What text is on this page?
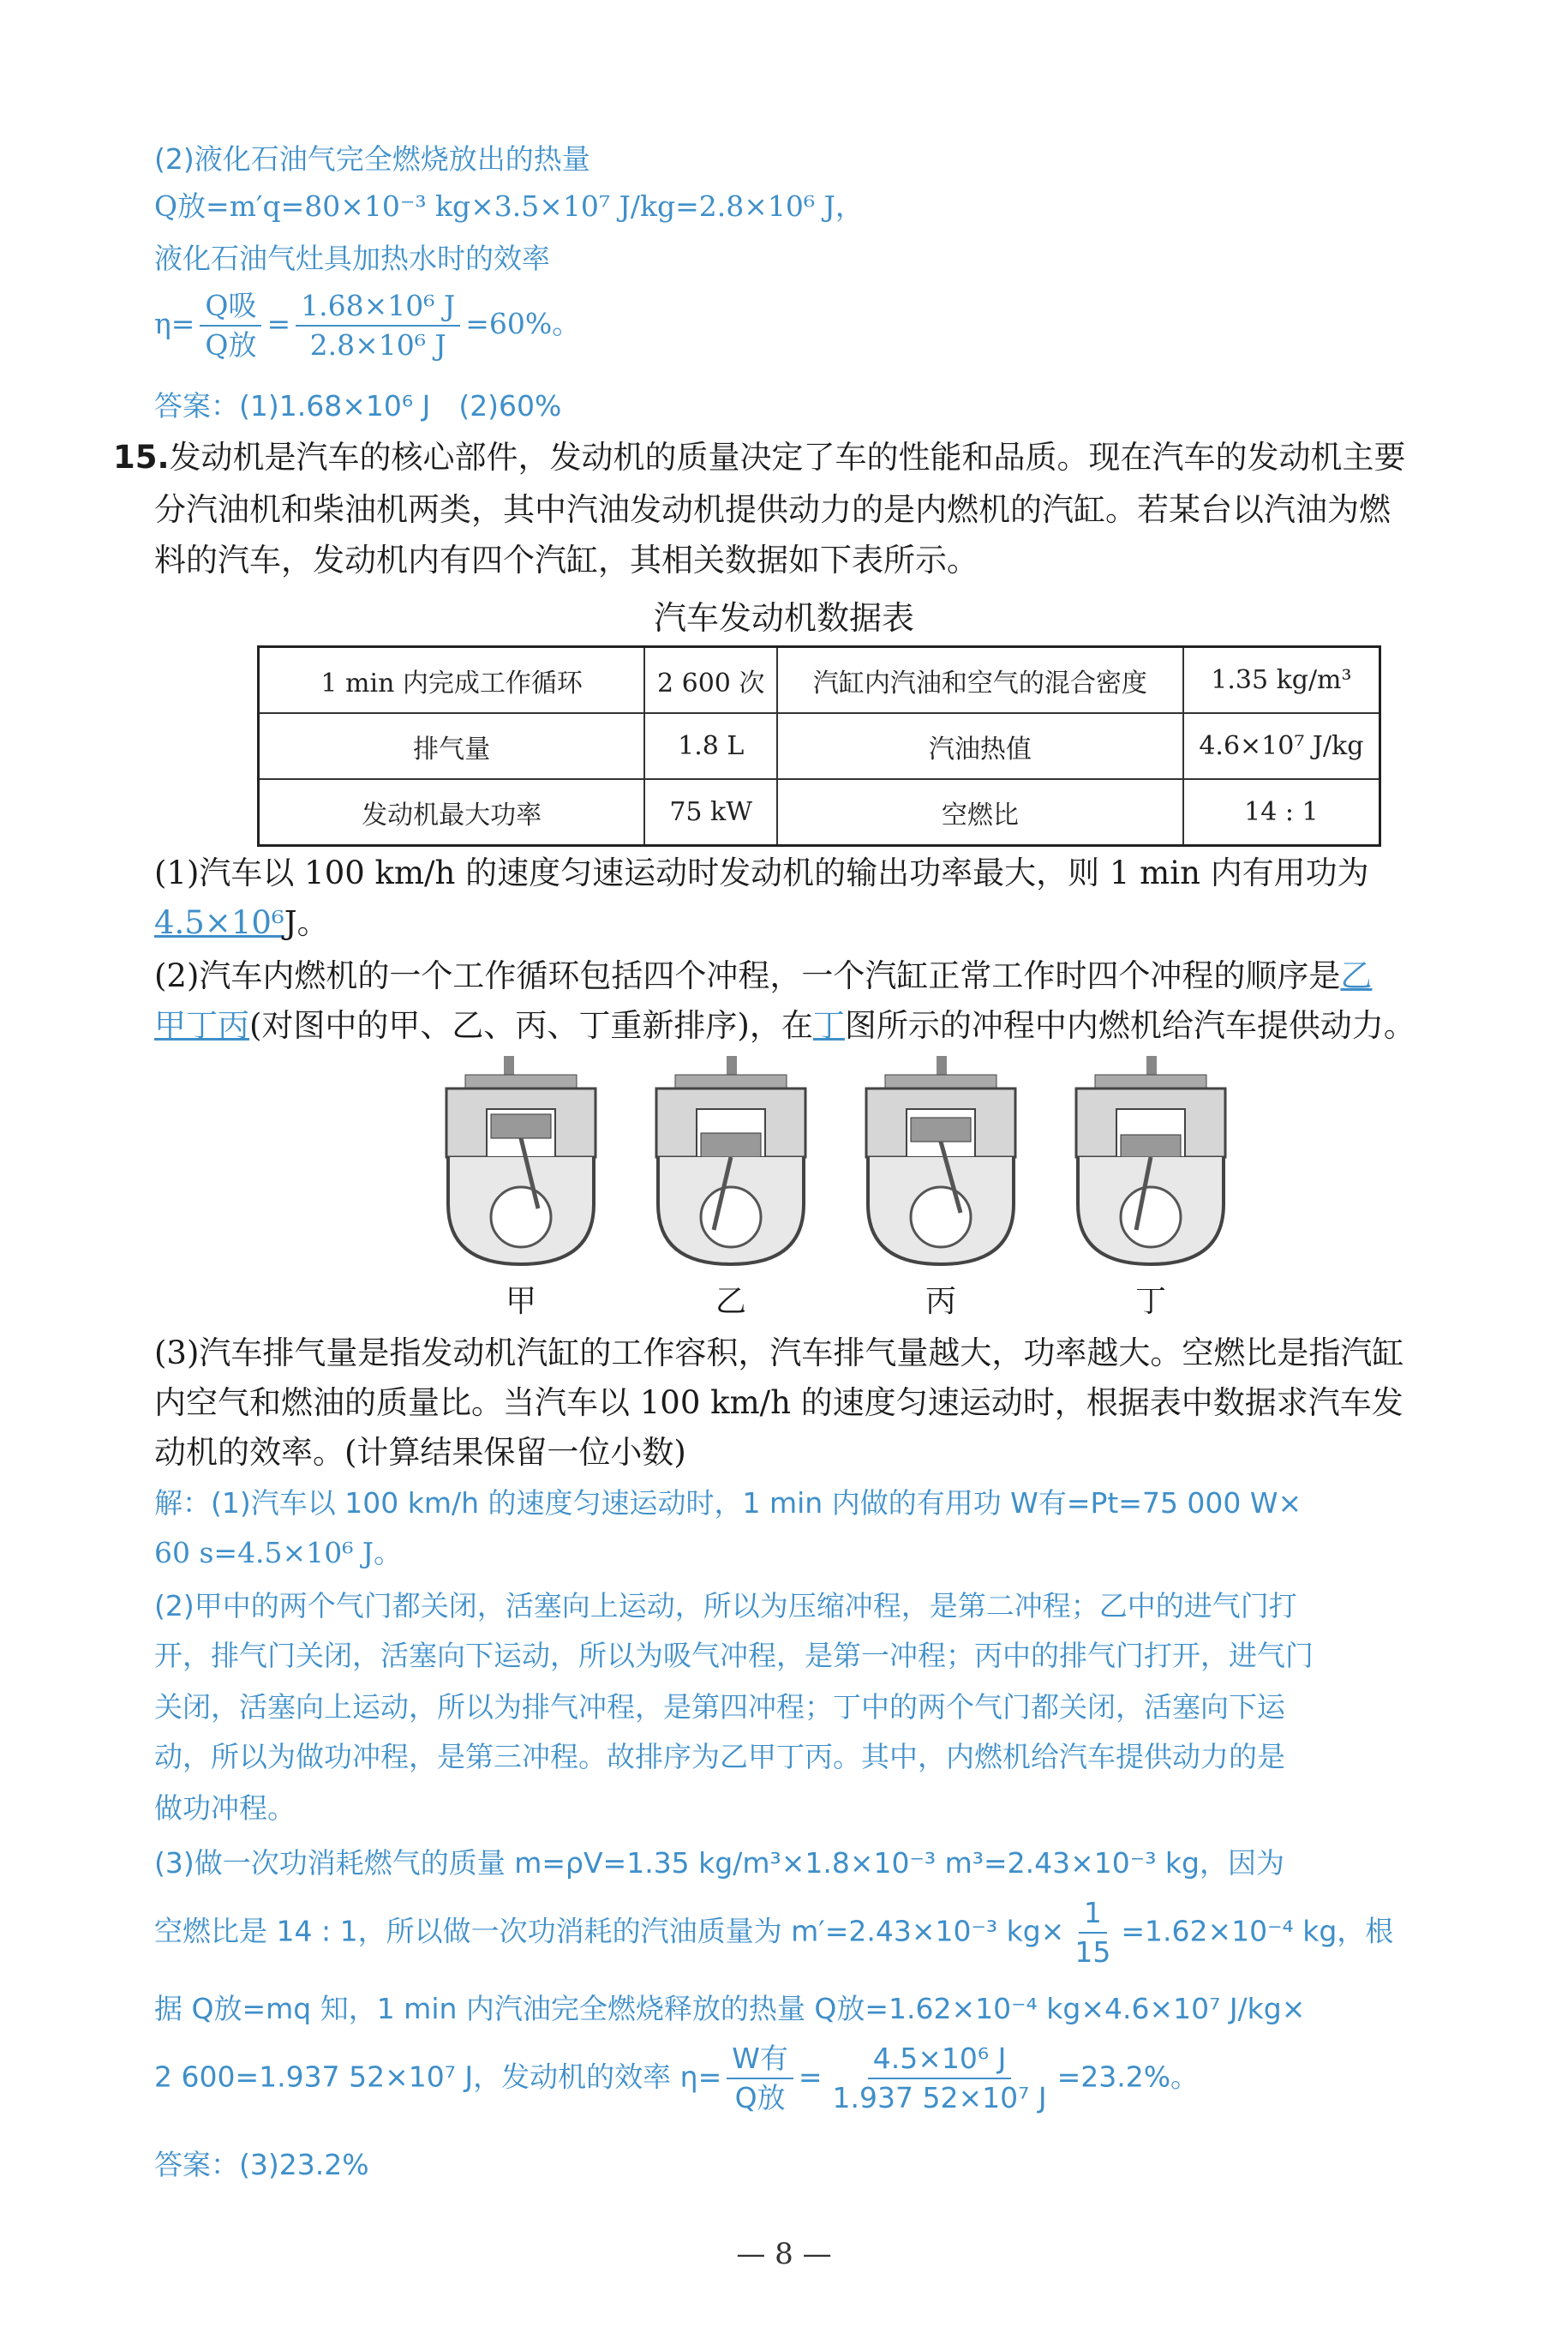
(2)液化石油气完全燃烧放出的热量
Q放=m′q=80×10⁻³ kg×3.5×10⁷ J/kg=2.8×10⁶ J，
液化石油气灶具加热水时的效率
$\eta= \frac{\text{Q吸}}{\text{Q放}} = \frac{\text{1.68×10⁶ J}}{\text{2.8×10⁶ J}} =60\%$。
答案：(1)1.68×10⁶ J　(2)60%
15.发动机是汽车的核心部件，发动机的质量决定了车的性能和品质。现在汽车的发动机主要
分汽油机和柴油机两类，其中汽油发动机提供动力的是内燃机的汽缸。若某台以汽油为燃
料的汽车，发动机内有四个汽缸，其相关数据如下表所示。
汽车发动机数据表
1 min 内完成工作循环	2 600 次	汽缸内汽油和空气的混合密度	1.35 kg/m³
排气量	1.8 L	汽油热值	4.6×10⁷ J/kg
发动机最大功率	75 kW	空燃比	14 : 1
(1)汽车以 100 km/h 的速度匀速运动时发动机的输出功率最大，则 1 min 内有用功为
4.5×10⁶J。
(2)汽车内燃机的一个工作循环包括四个冲程，一个汽缸正常工作时四个冲程的顺序是乙
甲丁丙(对图中的甲、乙、丙、丁重新排序)，在丁图所示的冲程中内燃机给汽车提供动力。
甲	乙	丙	丁
(3)汽车排气量是指发动机汽缸的工作容积，汽车排气量越大，功率越大。空燃比是指汽缸
内空气和燃油的质量比。当汽车以 100 km/h 的速度匀速运动时，根据表中数据求汽车发
动机的效率。(计算结果保留一位小数)
解：(1)汽车以 100 km/h 的速度匀速运动时，1 min 内做的有用功 W有=Pt=75 000 W×
60 s=4.5×10⁶ J。
(2)甲中的两个气门都关闭，活塞向上运动，所以为压缩冲程，是第二冲程；乙中的进气门打
开，排气门关闭，活塞向下运动，所以为吸气冲程，是第一冲程；丙中的排气门打开，进气门
关闭，活塞向上运动，所以为排气冲程，是第四冲程；丁中的两个气门都关闭，活塞向下运
动，所以为做功冲程，是第三冲程。故排序为乙甲丁丙。其中，内燃机给汽车提供动力的是
做功冲程。
(3)做一次功消耗燃气的质量 m=ρV=1.35 kg/m³×1.8×10⁻³ m³=2.43×10⁻³ kg，因为
空燃比是 14 : 1，所以做一次功消耗的汽油质量为 m′=2.43×10⁻³ $kg\times \frac{1}{15} =1.62\times 10^{-4}$ kg，根
据 Q放=mq 知，1 min 内汽油完全燃烧释放的热量 Q放=1.62×10⁻⁴ kg×4.6×10⁷ J/kg×
2 600=1.937 52×10⁷ J，发动机的效率 $\eta= \frac{\text{W有}}{\text{Q放}} = \frac{\text{4.5×10⁶ J}}{\text{1.937 52×10⁷ J}} =23.2\%$。
答案：(3)23.2%
— 8 —
